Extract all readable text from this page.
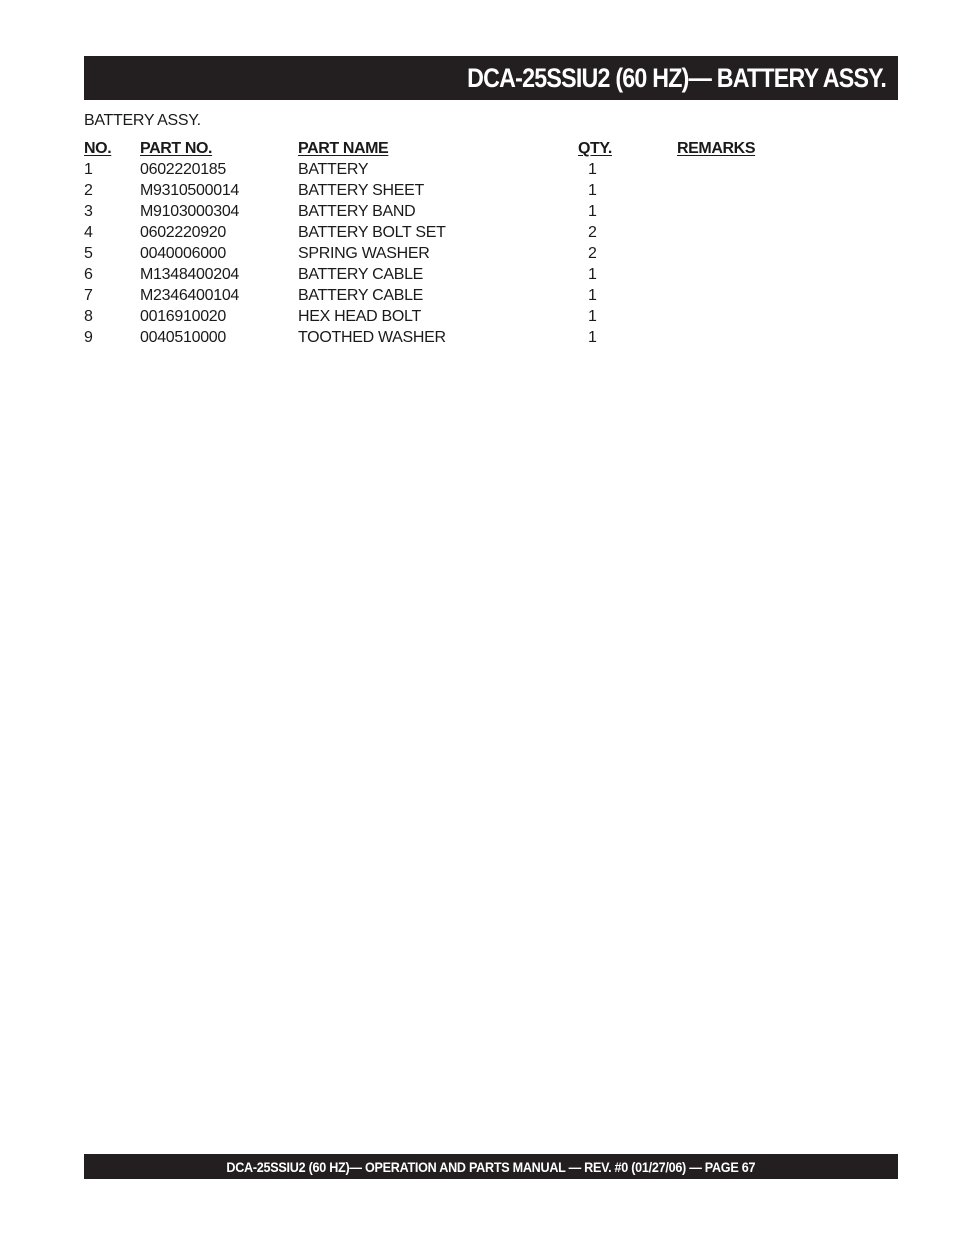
DCA-25SSIU2 (60 HZ)— BATTERY ASSY.
BATTERY ASSY.
NO. PART NO.	PART NAME	QTY.	REMARKS
1	0602220185	BATTERY	1
2	M9310500014	BATTERY SHEET	1
3	M9103000304	BATTERY BAND	1
4	0602220920	BATTERY BOLT SET	2
5	0040006000	SPRING WASHER	2
6	M1348400204	BATTERY CABLE	1
7	M2346400104	BATTERY CABLE	1
8	0016910020	HEX HEAD BOLT	1
9	0040510000	TOOTHED WASHER	1
DCA-25SSIU2 (60 HZ)— OPERATION AND PARTS MANUAL — REV. #0 (01/27/06) — PAGE 67
